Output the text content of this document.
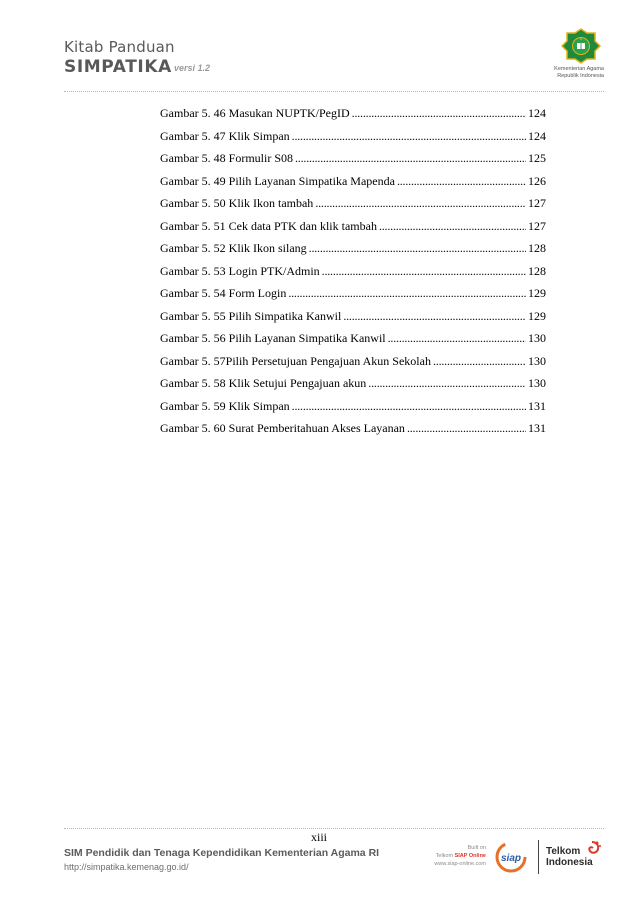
Kitab Panduan
SIMPATIKA versi 1.2	Kementerian Agama
Republik Indonesia
Gambar 5. 46 Masukan NUPTK/PegID . . .	124
Gambar 5. 47 Klik Simpan . . .	124
Gambar 5. 48 Formulir S08 . . .	125
Gambar 5. 49 Pilih Layanan Simpatika Mapenda . . .	126
Gambar 5. 50 Klik Ikon tambah . . .	127
Gambar 5. 51 Cek data PTK dan klik tambah . . .	127
Gambar 5. 52 Klik Ikon silang . . .	128
Gambar 5. 53 Login PTK/Admin . . .	128
Gambar 5. 54 Form Login . . .	129
Gambar 5. 55 Pilih Simpatika Kanwil . . .	129
Gambar 5. 56 Pilih Layanan Simpatika Kanwil . . .	130
Gambar 5. 57Pilih Persetujuan Pengajuan Akun Sekolah . . .	130
Gambar 5. 58 Klik Setujui Pengajuan akun . . .	130
Gambar 5. 59 Klik Simpan . . .	131
Gambar 5. 60 Surat Pemberitahuan Akses Layanan . . .	131
xiii
SIM Pendidik dan Tenaga Kependidikan Kementerian Agama RI
http://simpatika.kemenag.go.id/
Built on
Telkom SIAP Online
www.siap-online.com siap
Telkom
Indonesia
